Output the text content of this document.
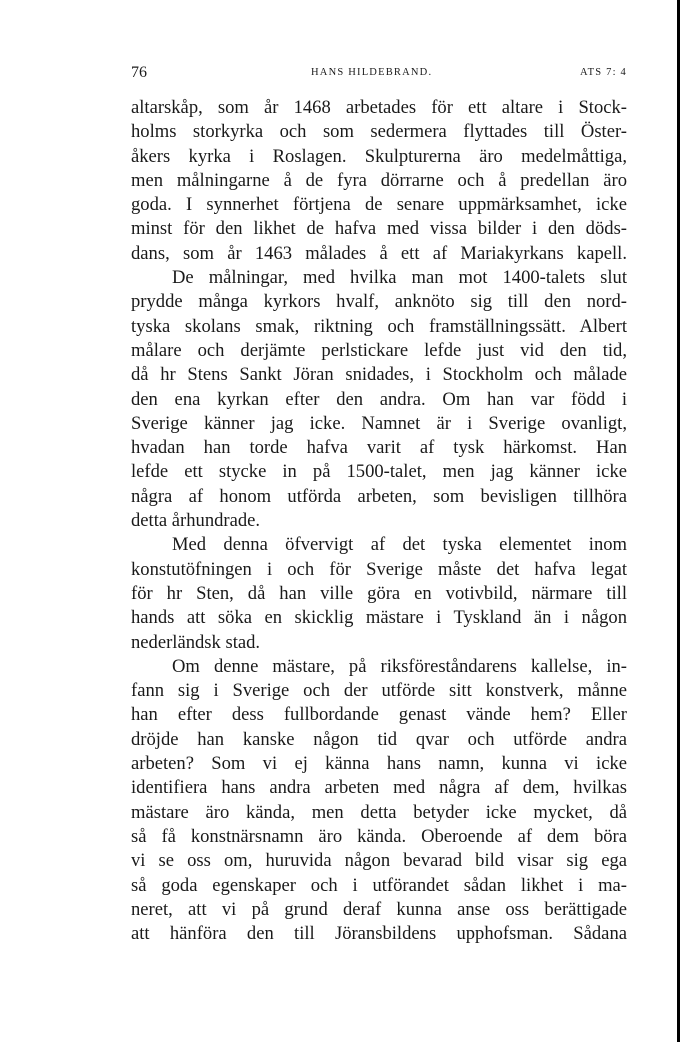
76	HANS HILDEBRAND.	ATS 7: 4
altarskåp, som år 1468 arbetades för ett altare i Stock-
holms storkyrka och som sedermera flyttades till Öster-
åkers kyrka i Roslagen. Skulpturerna äro medelmåttiga,
men målningarne å de fyra dörrarne och å predellan äro
goda. I synnerhet förtjena de senare uppmärksamhet, icke
minst för den likhet de hafva med vissa bilder i den döds-
dans, som år 1463 målades å ett af Mariakyrkans kapell.
De målningar, med hvilka man mot 1400-talets slut
prydde många kyrkors hvalf, anknöto sig till den nord-
tyska skolans smak, riktning och framställningssätt. Albert
målare och derjämte perlstickare lefde just vid den tid,
då hr Stens Sankt Jöran snidades, i Stockholm och målade
den ena kyrkan efter den andra. Om han var född i
Sverige känner jag icke. Namnet är i Sverige ovanligt,
hvadan han torde hafva varit af tysk härkomst. Han
lefde ett stycke in på 1500-talet, men jag känner icke
några af honom utförda arbeten, som bevisligen tillhöra
detta århundrade.
Med denna öfvervigt af det tyska elementet inom
konstutöfningen i och för Sverige måste det hafva legat
för hr Sten, då han ville göra en votivbild, närmare till
hands att söka en skicklig mästare i Tyskland än i någon
nederländsk stad.
Om denne mästare, på riksföreståndarens kallelse, in-
fann sig i Sverige och der utförde sitt konstverk, månne
han efter dess fullbordande genast vände hem? Eller
dröjde han kanske någon tid qvar och utförde andra
arbeten? Som vi ej känna hans namn, kunna vi icke
identifiera hans andra arbeten med några af dem, hvilkas
mästare äro kända, men detta betyder icke mycket, då
så få konstnärsnamn äro kända. Oberoende af dem böra
vi se oss om, huruvida någon bevarad bild visar sig ega
så goda egenskaper och i utförandet sådan likhet i ma-
neret, att vi på grund deraf kunna anse oss berättigade
att hänföra den till Jöransbildens upphofsman. Sådana
